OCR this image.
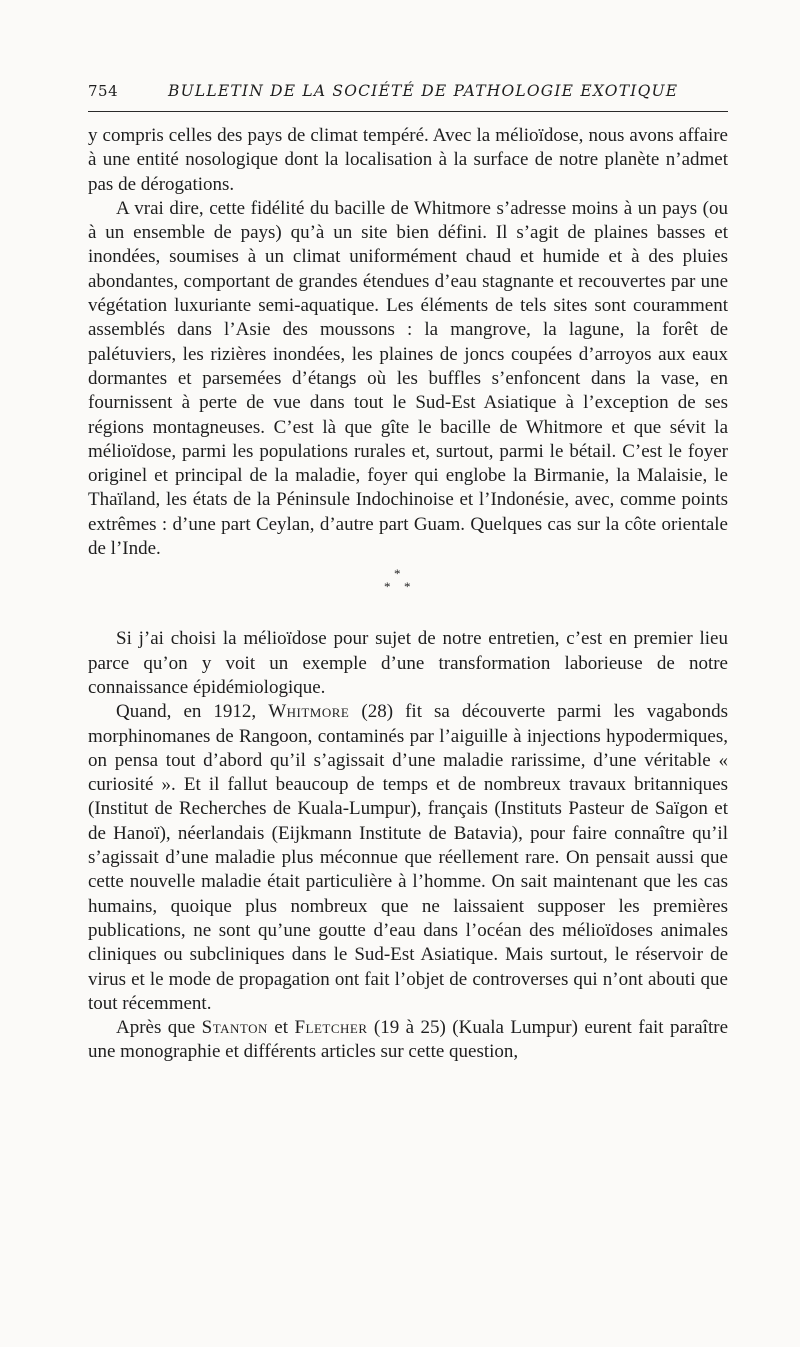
754	BULLETIN DE LA SOCIÉTÉ DE PATHOLOGIE EXOTIQUE

y compris celles des pays de climat tempéré. Avec la mélioïdose, nous avons affaire à une entité nosologique dont la localisation à la surface de notre planète n’admet pas de dérogations.

A vrai dire, cette fidélité du bacille de Whitmore s’adresse moins à un pays (ou à un ensemble de pays) qu’à un site bien défini. Il s’agit de plaines basses et inondées, soumises à un climat uniformément chaud et humide et à des pluies abondantes, comportant de grandes étendues d’eau stagnante et recouvertes par une végétation luxuriante semi-aquatique. Les éléments de tels sites sont couramment assemblés dans l’Asie des moussons : la mangrove, la lagune, la forêt de palétuviers, les rizières inondées, les plaines de joncs coupées d’arroyos aux eaux dormantes et parsemées d’étangs où les buffles s’enfoncent dans la vase, en fournissent à perte de vue dans tout le Sud-Est Asiatique à l’exception de ses régions montagneuses. C’est là que gîte le bacille de Whitmore et que sévit la mélioïdose, parmi les populations rurales et, surtout, parmi le bétail. C’est le foyer originel et principal de la maladie, foyer qui englobe la Birmanie, la Malaisie, le Thaïland, les états de la Péninsule Indochinoise et l’Indonésie, avec, comme points extrêmes : d’une part Ceylan, d’autre part Guam. Quelques cas sur la côte orientale de l’Inde.

*
* *

Si j’ai choisi la mélioïdose pour sujet de notre entretien, c’est en premier lieu parce qu’on y voit un exemple d’une transformation laborieuse de notre connaissance épidémiologique.

Quand, en 1912, Whitmore (28) fit sa découverte parmi les vagabonds morphinomanes de Rangoon, contaminés par l’aiguille à injections hypodermiques, on pensa tout d’abord qu’il s’agissait d’une maladie rarissime, d’une véritable « curiosité ». Et il fallut beaucoup de temps et de nombreux travaux britanniques (Institut de Recherches de Kuala-Lumpur), français (Instituts Pasteur de Saïgon et de Hanoï), néerlandais (Eijkmann Institute de Batavia), pour faire connaître qu’il s’agissait d’une maladie plus méconnue que réellement rare. On pensait aussi que cette nouvelle maladie était particulière à l’homme. On sait maintenant que les cas humains, quoique plus nombreux que ne laissaient supposer les premières publications, ne sont qu’une goutte d’eau dans l’océan des mélioïdoses animales cliniques ou subcliniques dans le Sud-Est Asiatique. Mais surtout, le réservoir de virus et le mode de propagation ont fait l’objet de controverses qui n’ont abouti que tout récemment.

Après que Stanton et Fletcher (19 à 25) (Kuala Lumpur) eurent fait paraître une monographie et différents articles sur cette question,
